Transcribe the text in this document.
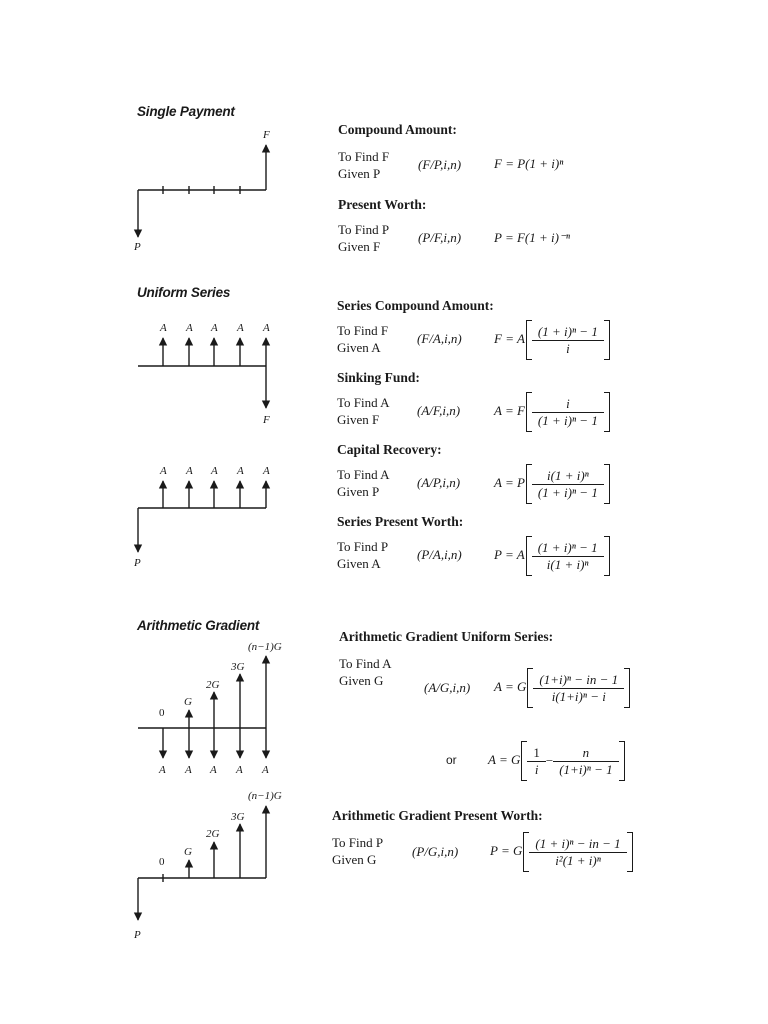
Single Payment
Uniform Series
Arithmetic Gradient
F
P
A A A A A
F
A A A A A
P
0
G
2G
3G
(n−1)G
A A A A A
0
G
2G
3G
(n−1)G
P
Compound Amount:
To Find F
Given P
(F/P,i,n)	F = P(1 + i)ⁿ
Present Worth:
To Find P
Given F
(P/F,i,n)	P = F(1 + i)⁻ⁿ
Series Compound Amount:
To Find F
Given A
(F/A,i,n) F = A $\frac{\text{(1 + i)ⁿ − 1}}{i}$
Sinking Fund:
To Find A
Given F
(A/F,i,n)	A = F $\frac{i}{\text{(1 + i)ⁿ − 1}}$
Capital Recovery:
To Find A
Given P
(A/P,i,n)	A = P $\frac{\text{i(1 + i)ⁿ}}{\text{(1 + i)ⁿ − 1}}$
Series Present Worth:
To Find P
Given A
(P/A,i,n) P = A $\frac{\text{(1 + i)ⁿ − 1}}{\text{i(1 + i)ⁿ}}$
Arithmetic Gradient Uniform Series:
To Find A
Given G	(A/G,i,n) A = G $\frac{\text{(1+i)ⁿ − in − 1}}{\text{i(1+i)ⁿ − i}}$
or A = G $\frac{1}{i} - \frac{n}{\text{(1+i)ⁿ − 1}}$
Arithmetic Gradient Present Worth:
To Find P
Given G
(P/G,i,n) P = G $\frac{\text{(1 + i)ⁿ − in − 1}}{\text{i²(1 + i)ⁿ}}$
